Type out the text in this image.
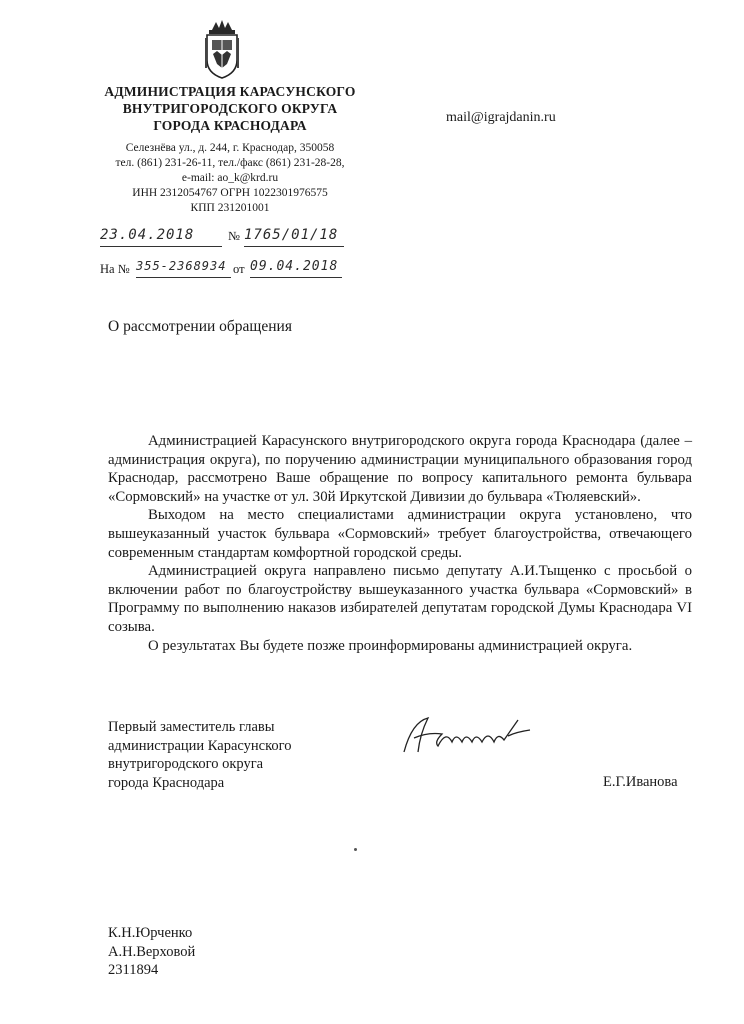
АДМИНИСТРАЦИЯ КАРАСУНСКОГО
ВНУТРИГОРОДСКОГО ОКРУГА
ГОРОДА КРАСНОДАРА
Селезнёва ул., д. 244, г. Краснодар, 350058
тел. (861) 231-26-11, тел./факс (861) 231-28-28,
e-mail: ao_k@krd.ru
ИНН 2312054767 ОГРН 1022301976575
КПП 231201001
mail@igrajdanin.ru
23.04.2018	№ 1765/01/18
На № 355-2368934 от 09.04.2018
О рассмотрении обращения

Администрацией Карасунского внутригородского округа города Краснодара (далее – администрация округа), по поручению администрации муниципального образования город Краснодар, рассмотрено Ваше обращение по вопросу капитального ремонта бульвара «Сормовский» на участке от ул. 30й Иркутской Дивизии до бульвара «Тюляевский».

Выходом на место специалистами администрации округа установлено, что вышеуказанный участок бульвара «Сормовский» требует благоустройства, отвечающего современным стандартам комфортной городской среды.

Администрацией округа направлено письмо депутату А.И.Тыщенко с просьбой о включении работ по благоустройству вышеуказанного участка бульвара «Сормовский» в Программу по выполнению наказов избирателей депутатам городской Думы Краснодара VI созыва.

О результатах Вы будете позже проинформированы администрацией округа.

Первый заместитель главы
администрации Карасунского
внутригородского округа
города Краснодара	Е.Г.Иванова
К.Н.Юрченко
А.Н.Верховой
2311894
